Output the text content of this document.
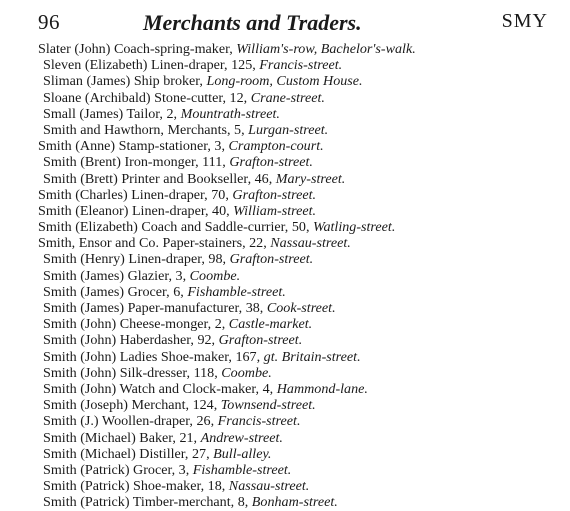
96	Merchants and Traders.	SMY
Slater (John) Coach-spring-maker, William's-row, Bachelor's-walk.
Sleven (Elizabeth) Linen-draper, 125, Francis-street.
Sliman (James) Ship broker, Long-room, Custom House.
Sloane (Archibald) Stone-cutter, 12, Crane-street.
Small (James) Tailor, 2, Mountrath-street.
Smith and Hawthorn, Merchants, 5, Lurgan-street.
Smith (Anne) Stamp-stationer, 3, Crampton-court.
Smith (Brent) Iron-monger, 111, Grafton-street.
Smith (Brett) Printer and Bookseller, 46, Mary-street.
Smith (Charles) Linen-draper, 70, Grafton-street.
Smith (Eleanor) Linen-draper, 40, William-street.
Smith (Elizabeth) Coach and Saddle-currier, 50, Watling-street.
Smith, Ensor and Co. Paper-stainers, 22, Nassau-street.
Smith (Henry) Linen-draper, 98, Grafton-street.
Smith (James) Glazier, 3, Coombe.
Smith (James) Grocer, 6, Fishamble-street.
Smith (James) Paper-manufacturer, 38, Cook-street.
Smith (John) Cheese-monger, 2, Castle-market.
Smith (John) Haberdasher, 92, Grafton-street.
Smith (John) Ladies Shoe-maker, 167, gt. Britain-street.
Smith (John) Silk-dresser, 118, Coombe.
Smith (John) Watch and Clock-maker, 4, Hammond-lane.
Smith (Joseph) Merchant, 124, Townsend-street.
Smith (J.) Woollen-draper, 26, Francis-street.
Smith (Michael) Baker, 21, Andrew-street.
Smith (Michael) Distiller, 27, Bull-alley.
Smith (Patrick) Grocer, 3, Fishamble-street.
Smith (Patrick) Shoe-maker, 18, Nassau-street.
Smith (Patrick) Timber-merchant, 8, Bonham-street.
